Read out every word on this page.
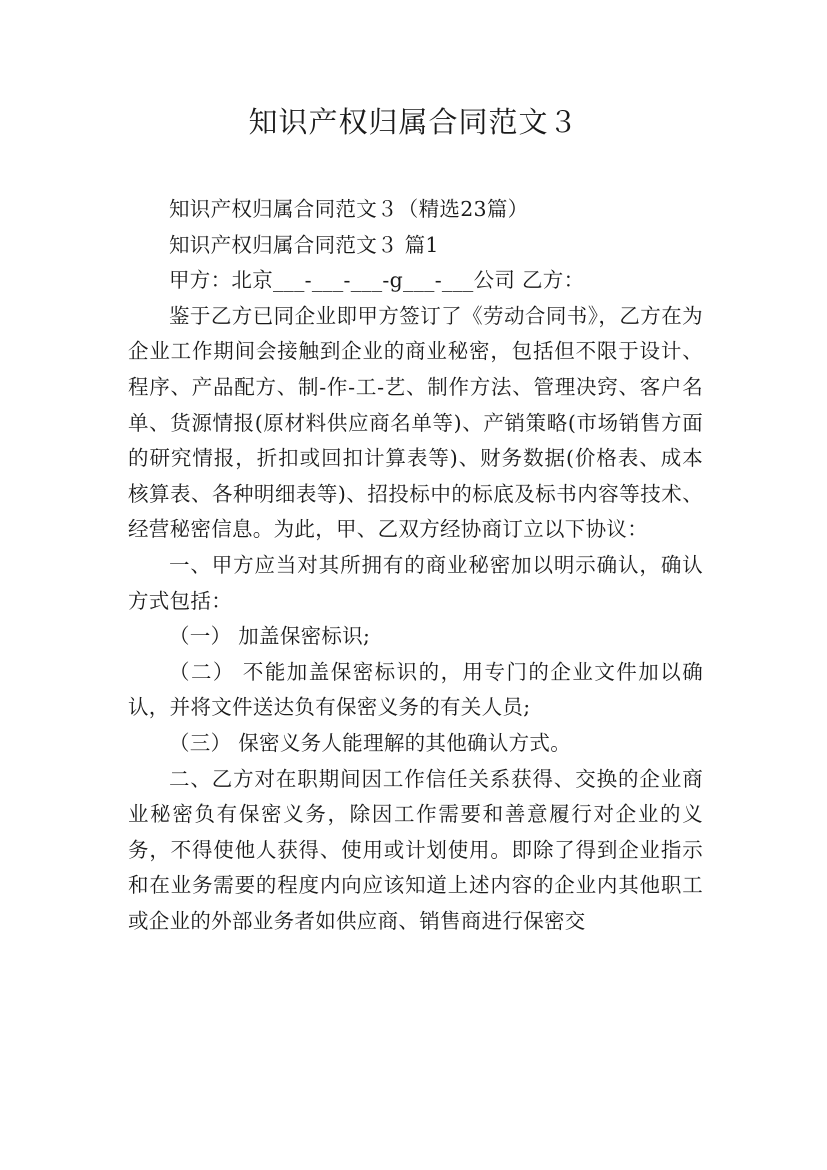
知识产权归属合同范文３

知识产权归属合同范文３（精选23篇）

知识产权归属合同范文３ 篇1

甲方：北京___-___-___-g___-___公司 乙方：

鉴于乙方已同企业即甲方签订了《劳动合同书》，乙方在为企业工作期间会接触到企业的商业秘密，包括但不限于设计、程序、产品配方、制-作-工-艺、制作方法、管理决窍、客户名单、货源情报(原材料供应商名单等)、产销策略(市场销售方面的研究情报，折扣或回扣计算表等)、财务数据(价格表、成本核算表、各种明细表等)、招投标中的标底及标书内容等技术、经营秘密信息。为此，甲、乙双方经协商订立以下协议：

一、甲方应当对其所拥有的商业秘密加以明示确认，确认方式包括：

（一） 加盖保密标识;

（二） 不能加盖保密标识的，用专门的企业文件加以确认，并将文件送达负有保密义务的有关人员;

（三） 保密义务人能理解的其他确认方式。

二、乙方对在职期间因工作信任关系获得、交换的企业商业秘密负有保密义务，除因工作需要和善意履行对企业的义务，不得使他人获得、使用或计划使用。即除了得到企业指示和在业务需要的程度内向应该知道上述内容的企业内其他职工或企业的外部业务者如供应商、销售商进行保密交
